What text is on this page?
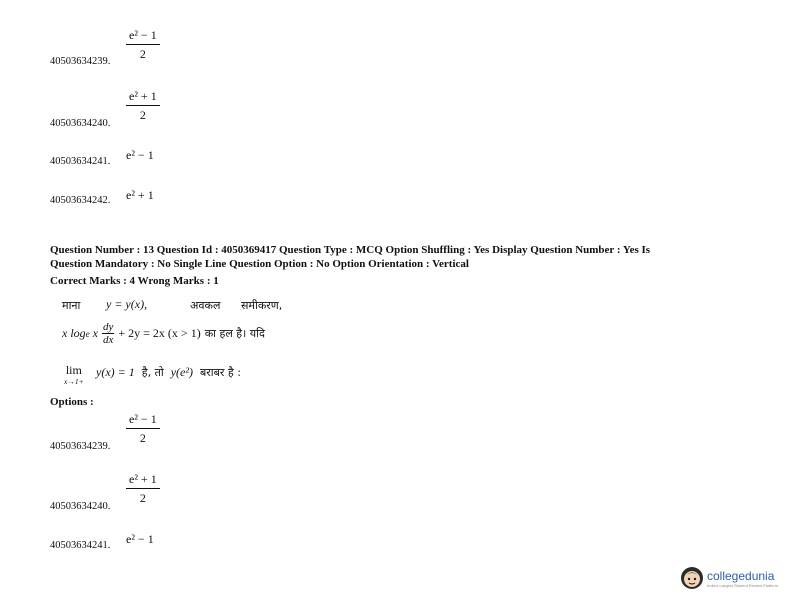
$\frac{\text{e² − 1}}{2}$
40503634239.
$\frac{\text{e² + 1}}{2}$
40503634240.
40503634241. e² − 1
40503634242. e² + 1
Question Number : 13 Question Id : 4050369417 Question Type : MCQ Option Shuffling : Yes Display Question Number : Yes Is
Question Mandatory : No Single Line Question Option : No Option Orientation : Vertical
Correct Marks : 4 Wrong Marks : 1
माना y = y(x),	अवकल समीकरण,
x log e x $\frac{dy}{dx} + 2y = 2x$ (x > 1) का हल है। यदि
lim
x→1+
y(x) = 1 है, तो y(e²) बराबर है :
Options :
$\frac{\text{e² − 1}}{2}$
40503634239.
$\frac{\text{e² + 1}}{2}$
40503634240.
40503634241. e² − 1
collegedunia
India's Largest Student Review Platform
